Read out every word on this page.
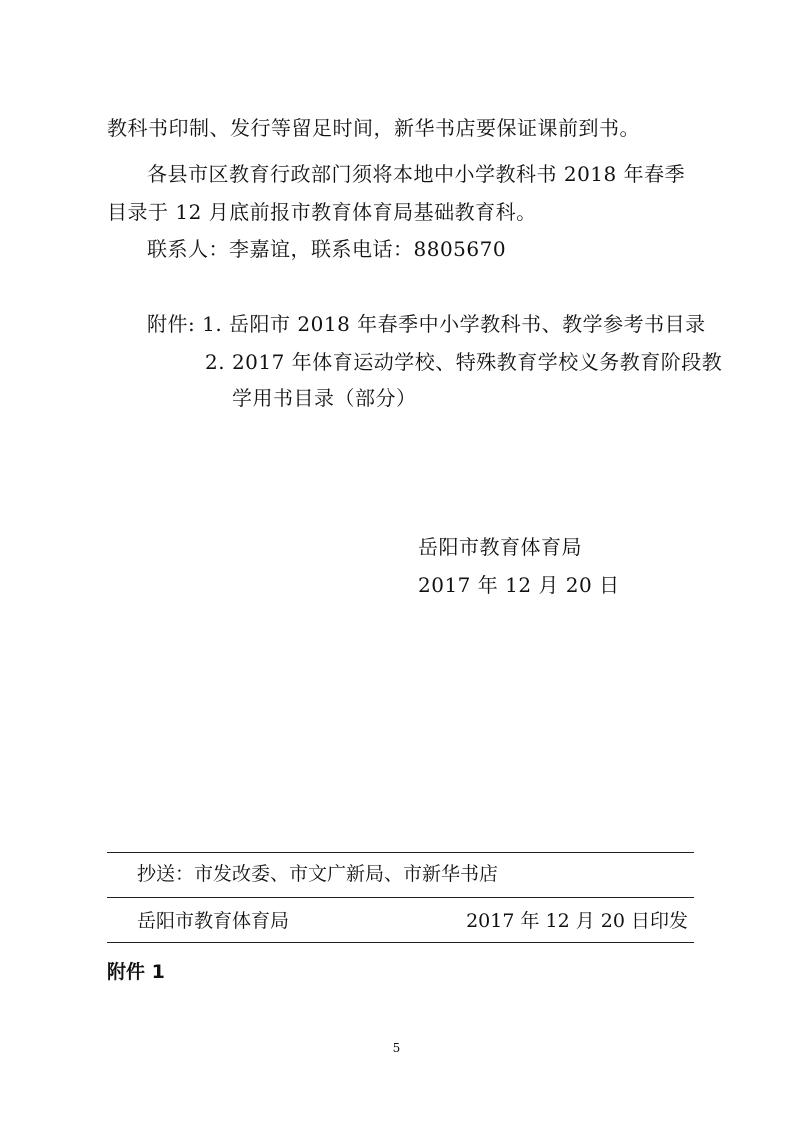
教科书印制、发行等留足时间，新华书店要保证课前到书。
各县市区教育行政部门须将本地中小学教科书 2018 年春季
目录于 12 月底前报市教育体育局基础教育科。
联系人：李嘉谊，联系电话：8805670
附件: 1. 岳阳市 2018 年春季中小学教科书、教学参考书目录
2. 2017 年体育运动学校、特殊教育学校义务教育阶段教
学用书目录（部分）
岳阳市教育体育局
2017 年 12 月 20 日
抄送：市发改委、市文广新局、市新华书店
岳阳市教育体育局	2017 年 12 月 20 日印发
附件 1
5
